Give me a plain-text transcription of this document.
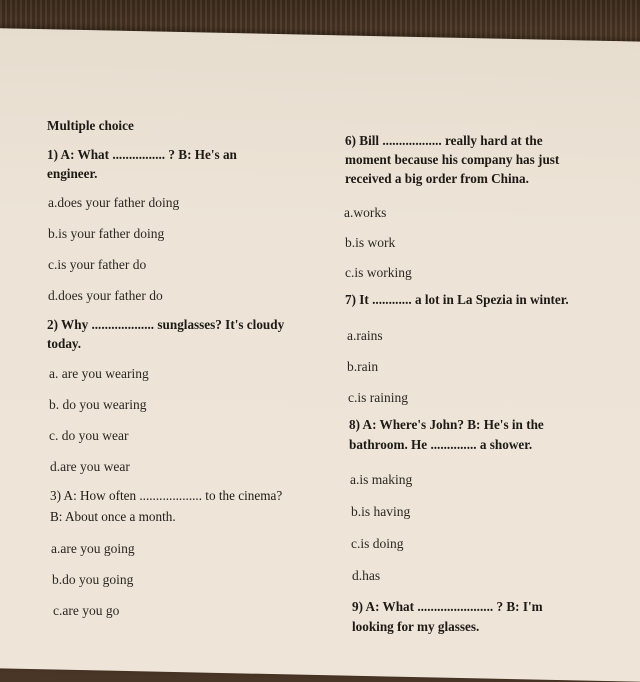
Multiple choice
1) A: What ................ ? B: He's an
engineer.
a.does your father doing
b.is your father doing
c.is your father do
d.does your father do
2) Why ................... sunglasses? It's cloudy
today.
a. are you wearing
b. do you wearing
c. do you wear
d.are you wear
3) A: How often ................... to the cinema?
B: About once a month.
a.are you going
b.do you going
c.are you go
6) Bill .................. really hard at the
moment because his company has just
received a big order from China.
a.works
b.is work
c.is working
7) It ............ a lot in La Spezia in winter.
a.rains
b.rain
c.is raining
8) A: Where's John? B: He's in the
bathroom. He .............. a shower.
a.is making
b.is having
c.is doing
d.has
9) A: What ....................... ? B: I'm
looking for my glasses.
